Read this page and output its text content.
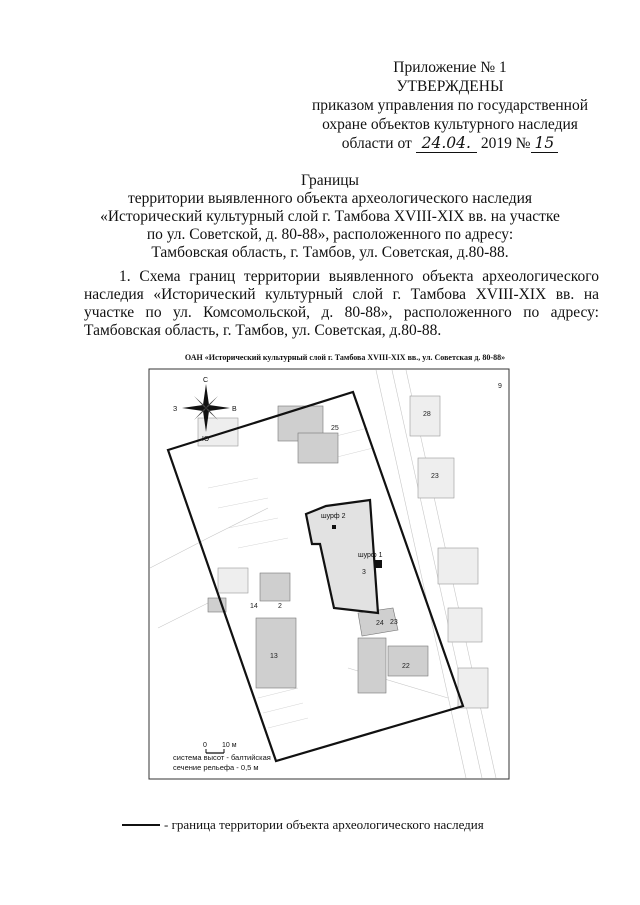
Приложение № 1
УТВЕРЖДЕНЫ
приказом управления по государственной
охране объектов культурного наследия
области от 24.04. 2019 № 15
Границы
территории выявленного объекта археологического наследия
«Исторический культурный слой г. Тамбова XVIII-XIX вв. на участке
по ул. Советской, д. 80-88», расположенного по адресу:
Тамбовская область, г. Тамбов, ул. Советская, д.80-88.
1. Схема границ территории выявленного объекта археологического
наследия «Исторический культурный слой г. Тамбова XVIII-XIX вв. на
участке по ул. Комсомольской, д. 80-88», расположенного по адресу:
Тамбовская область, г. Тамбов, ул. Советская, д.80-88.
ОАН «Исторический культурный слой г. Тамбова XVIII-XIX вв., ул. Советская д. 80-88»
шурф 2
шурф 1
25
28
23
3
24 23
22
14
13
2
9
С
Ю
З	В
0 10 м
система высот - балтийская
сечение рельефа - 0,5 м
- граница территории объекта археологического наследия
